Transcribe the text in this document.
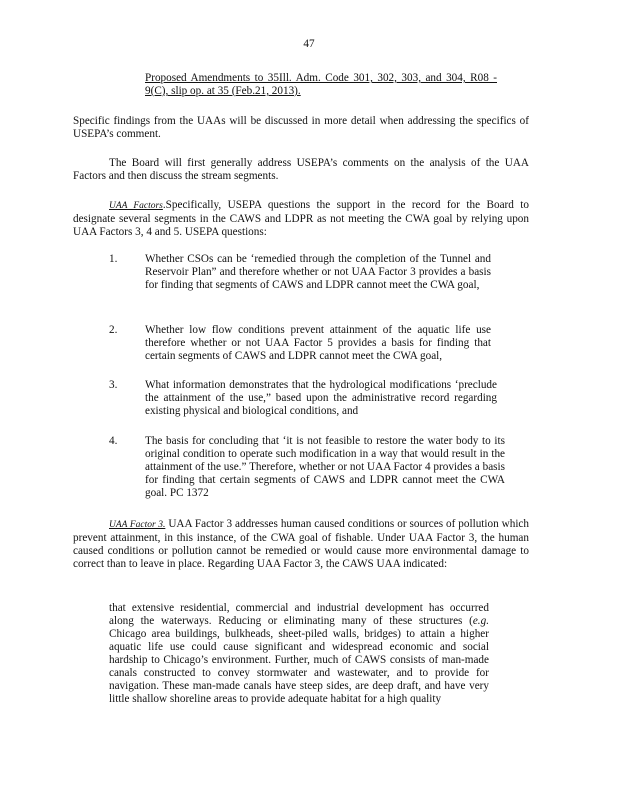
47
Proposed Amendments to 35Ill. Adm. Code 301, 302, 303, and 304, R08 - 9(C), slip op. at 35 (Feb.21, 2013).
Specific findings from the UAAs will be discussed in more detail when addressing the specifics of USEPA’s comment.
The Board will first generally address USEPA’s comments on the analysis of the UAA Factors and then discuss the stream segments.
UAA Factors.Specifically, USEPA questions the support in the record for the Board to designate several segments in the CAWS and LDPR as not meeting the CWA goal by relying upon UAA Factors 3, 4 and 5. USEPA questions:
1. Whether CSOs can be ‘remedied through the completion of the Tunnel and Reservoir Plan” and therefore whether or not UAA Factor 3 provides a basis for finding that segments of CAWS and LDPR cannot meet the CWA goal,
2. Whether low flow conditions prevent attainment of the aquatic life use therefore whether or not UAA Factor 5 provides a basis for finding that certain segments of CAWS and LDPR cannot meet the CWA goal,
3. What information demonstrates that the hydrological modifications ‘preclude the attainment of the use,” based upon the administrative record regarding existing physical and biological conditions, and
4. The basis for concluding that ‘it is not feasible to restore the water body to its original condition to operate such modification in a way that would result in the attainment of the use.” Therefore, whether or not UAA Factor 4 provides a basis for finding that certain segments of CAWS and LDPR cannot meet the CWA goal. PC 1372
UAA Factor 3. UAA Factor 3 addresses human caused conditions or sources of pollution which prevent attainment, in this instance, of the CWA goal of fishable. Under UAA Factor 3, the human caused conditions or pollution cannot be remedied or would cause more environmental damage to correct than to leave in place. Regarding UAA Factor 3, the CAWS UAA indicated:
that extensive residential, commercial and industrial development has occurred along the waterways. Reducing or eliminating many of these structures (e.g. Chicago area buildings, bulkheads, sheet-piled walls, bridges) to attain a higher aquatic life use could cause significant and widespread economic and social hardship to Chicago’s environment. Further, much of CAWS consists of man-made canals constructed to convey stormwater and wastewater, and to provide for navigation. These man-made canals have steep sides, are deep draft, and have very little shallow shoreline areas to provide adequate habitat for a high quality
